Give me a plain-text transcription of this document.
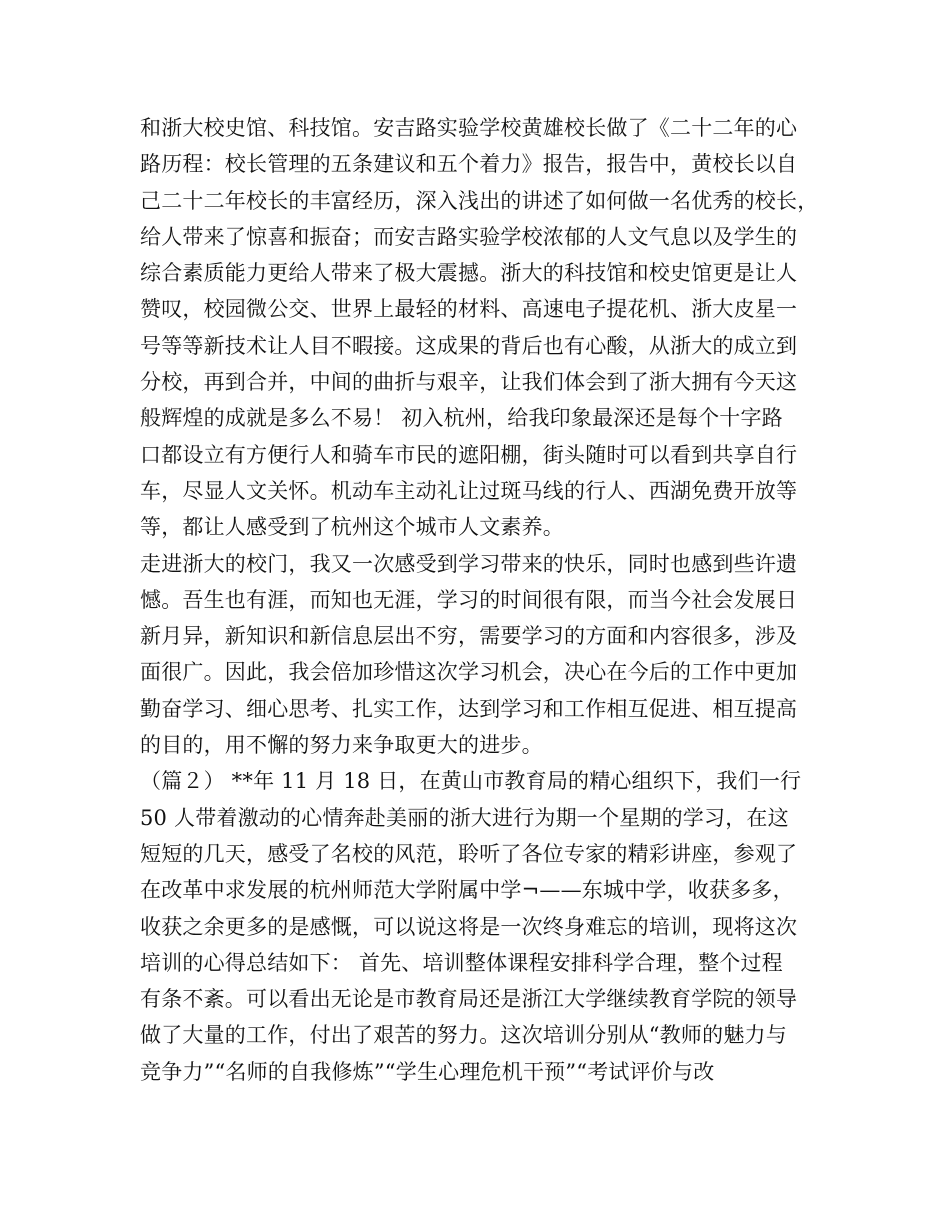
和浙大校史馆、科技馆。安吉路实验学校黄雄校长做了《二十二年的心
路历程：校长管理的五条建议和五个着力》报告，报告中，黄校长以自
己二十二年校长的丰富经历，深入浅出的讲述了如何做一名优秀的校长，
给人带来了惊喜和振奋；而安吉路实验学校浓郁的人文气息以及学生的
综合素质能力更给人带来了极大震撼。浙大的科技馆和校史馆更是让人
赞叹，校园微公交、世界上最轻的材料、高速电子提花机、浙大皮星一
号等等新技术让人目不暇接。这成果的背后也有心酸，从浙大的成立到
分校，再到合并，中间的曲折与艰辛，让我们体会到了浙大拥有今天这
般辉煌的成就是多么不易！ 初入杭州，给我印象最深还是每个十字路
口都设立有方便行人和骑车市民的遮阳棚，街头随时可以看到共享自行
车，尽显人文关怀。机动车主动礼让过斑马线的行人、西湖免费开放等
等，都让人感受到了杭州这个城市人文素养。
走进浙大的校门，我又一次感受到学习带来的快乐，同时也感到些许遗
憾。吾生也有涯，而知也无涯，学习的时间很有限，而当今社会发展日
新月异，新知识和新信息层出不穷，需要学习的方面和内容很多，涉及
面很广。因此，我会倍加珍惜这次学习机会，决心在今后的工作中更加
勤奋学习、细心思考、扎实工作，达到学习和工作相互促进、相互提高
的目的，用不懈的努力来争取更大的进步。
（篇２） **年 11 月 18 日，在黄山市教育局的精心组织下，我们一行
50 人带着激动的心情奔赴美丽的浙大进行为期一个星期的学习，在这
短短的几天，感受了名校的风范，聆听了各位专家的精彩讲座，参观了
在改革中求发展的杭州师范大学附属中学¬——东城中学，收获多多，
收获之余更多的是感慨，可以说这将是一次终身难忘的培训，现将这次
培训的心得总结如下： 首先、培训整体课程安排科学合理，整个过程
有条不紊。可以看出无论是市教育局还是浙江大学继续教育学院的领导
做了大量的工作，付出了艰苦的努力。这次培训分别从“教师的魅力与
竞争力”“名师的自我修炼”“学生心理危机干预”“考试评价与改
